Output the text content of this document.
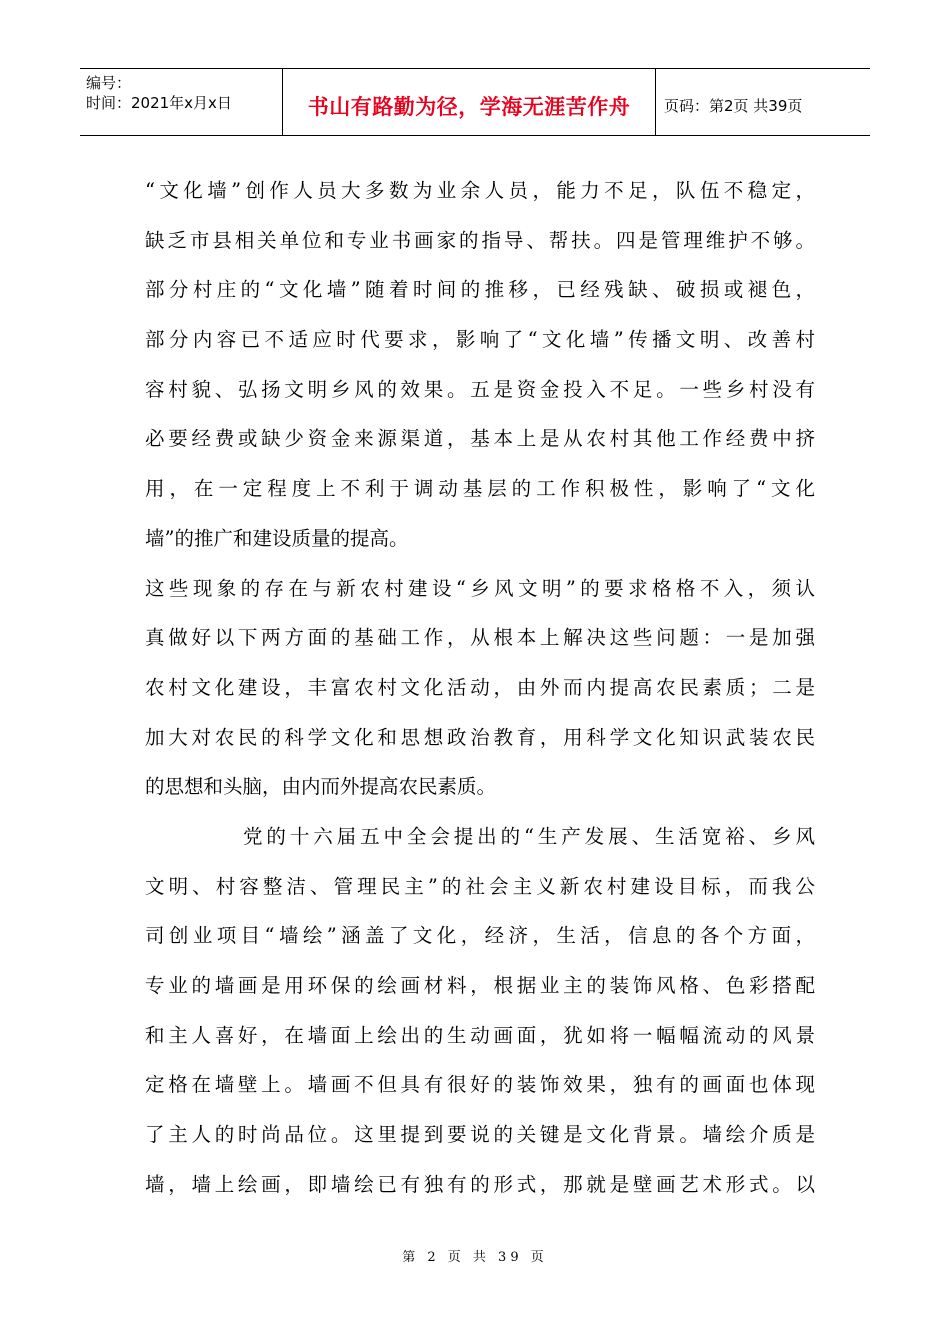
编号：
时间：2021年x月x日	书山有路勤为径，学海无涯苦作舟 页码：第2页 共39页
“文化墙”创作人员大多数为业余人员，能力不足，队伍不稳定，
缺乏市县相关单位和专业书画家的指导、帮扶。四是管理维护不够。
部分村庄的“文化墙”随着时间的推移，已经残缺、破损或褪色，
部分内容已不适应时代要求，影响了“文化墙”传播文明、改善村
容村貌、弘扬文明乡风的效果。五是资金投入不足。一些乡村没有
必要经费或缺少资金来源渠道，基本上是从农村其他工作经费中挤
用，在一定程度上不利于调动基层的工作积极性，影响了“文化
墙”的推广和建设质量的提高。
这些现象的存在与新农村建设“乡风文明”的要求格格不入，须认
真做好以下两方面的基础工作，从根本上解决这些问题：一是加强
农村文化建设，丰富农村文化活动，由外而内提高农民素质；二是
加大对农民的科学文化和思想政治教育，用科学文化知识武装农民
的思想和头脑，由内而外提高农民素质。
党的十六届五中全会提出的“生产发展、生活宽裕、乡风
文明、村容整洁、管理民主”的社会主义新农村建设目标，而我公
司创业项目“墙绘”涵盖了文化，经济，生活，信息的各个方面，
专业的墙画是用环保的绘画材料，根据业主的装饰风格、色彩搭配
和主人喜好，在墙面上绘出的生动画面，犹如将一幅幅流动的风景
定格在墙壁上。墙画不但具有很好的装饰效果，独有的画面也体现
了主人的时尚品位。这里提到要说的关键是文化背景。墙绘介质是
墙，墙上绘画，即墙绘已有独有的形式，那就是壁画艺术形式。以
第 2 页 共 39 页
